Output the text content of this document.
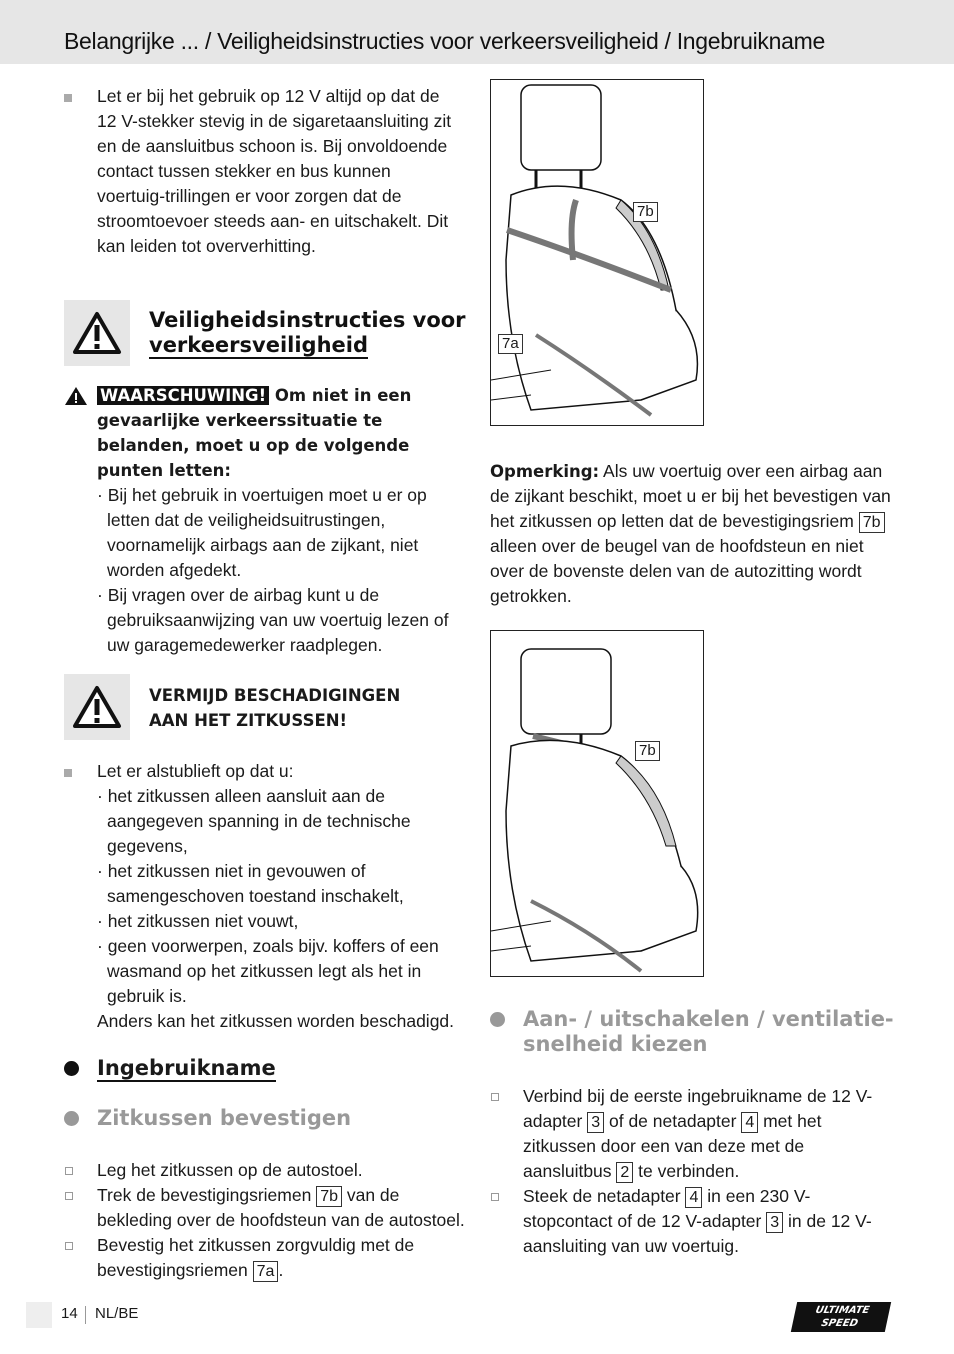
Belangrijke ... / Veiligheidsinstructies voor verkeersveiligheid / Ingebruikname

Let er bij het gebruik op 12 V altijd op dat de 12 V-stekker stevig in de sigaretaansluiting zit en de aansluitbus schoon is. Bij onvoldoende contact tussen stekker en bus kunnen voertuig-trillingen er voor zorgen dat de stroomtoevoer steeds aan- en uitschakelt. Dit kan leiden tot oververhitting.

Veiligheidsinstructies voor
verkeersveiligheid

WAARSCHUWING! Om niet in een gevaarlijke verkeerssituatie te belanden, moet u op de volgende punten letten:

· Bij het gebruik in voertuigen moet u er op letten dat de veiligheidsuitrustingen, voornamelijk airbags aan de zijkant, niet worden afgedekt.

· Bij vragen over de airbag kunt u de gebruiksaanwijzing van uw voertuig lezen of uw garagemedewerker raadplegen.

VERMIJD BESCHADIGINGEN
AAN HET ZITKUSSEN!

Let er alstublieft op dat u:

· het zitkussen alleen aansluit aan de aangegeven spanning in de technische gegevens,

· het zitkussen niet in gevouwen of samengeschoven toestand inschakelt,

· het zitkussen niet vouwt,

· geen voorwerpen, zoals bijv. koffers of een wasmand op het zitkussen legt als het in gebruik is.

Anders kan het zitkussen worden beschadigd.

Ingebruikname
Zitkussen bevestigen

Leg het zitkussen op de autostoel.

Trek de bevestigingsriemen 7b van de bekleding over de hoofdsteun van de autostoel.

Bevestig het zitkussen zorgvuldig met de bevestigingsriemen 7a .

7b
7a

Opmerking: Als uw voertuig over een airbag aan de zijkant beschikt, moet u er bij het bevestigen van het zitkussen op letten dat de bevestigingsriem 7b alleen over de beugel van de hoofdsteun en niet over de bovenste delen van de autozitting wordt getrokken.

7b
Aan- / uitschakelen / ventilatie-
snelheid kiezen

Verbind bij de eerste ingebruikname de 12 V-adapter 3 of de netadapter 4 met het zitkussen door een van deze met de aansluitbus 2 te verbinden.

Steek de netadapter 4 in een 230 V-stopcontact of de 12 V-adapter 3 in de 12 V-aansluiting van uw voertuig.

14 NL/BE	ULTIMATE
SPEED
